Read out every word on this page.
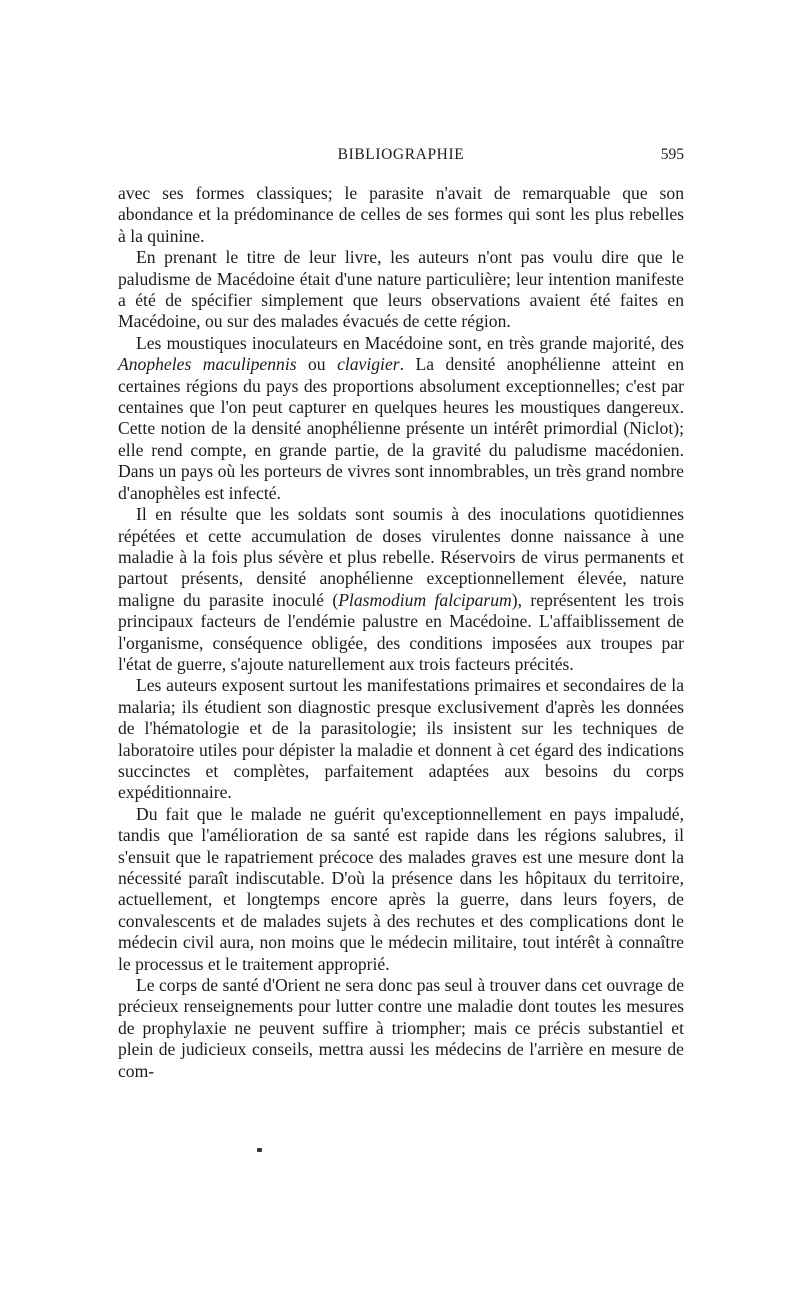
BIBLIOGRAPHIE	595

avec ses formes classiques; le parasite n'avait de remarquable que son abondance et la prédominance de celles de ses formes qui sont les plus rebelles à la quinine.

En prenant le titre de leur livre, les auteurs n'ont pas voulu dire que le paludisme de Macédoine était d'une nature particulière; leur intention manifeste a été de spécifier simplement que leurs observations avaient été faites en Macédoine, ou sur des malades évacués de cette région.

Les moustiques inoculateurs en Macédoine sont, en très grande majorité, des Anopheles maculipennis ou clavigier. La densité anophélienne atteint en certaines régions du pays des proportions absolument exceptionnelles; c'est par centaines que l'on peut capturer en quelques heures les moustiques dangereux. Cette notion de la densité anophélienne présente un intérêt primordial (Niclot); elle rend compte, en grande partie, de la gravité du paludisme macédonien. Dans un pays où les porteurs de vivres sont innombrables, un très grand nombre d'anophèles est infecté.

Il en résulte que les soldats sont soumis à des inoculations quotidiennes répétées et cette accumulation de doses virulentes donne naissance à une maladie à la fois plus sévère et plus rebelle. Réservoirs de virus permanents et partout présents, densité anophélienne exceptionnellement élevée, nature maligne du parasite inoculé (Plasmodium falciparum), représentent les trois principaux facteurs de l'endémie palustre en Macédoine. L'affaiblissement de l'organisme, conséquence obligée, des conditions imposées aux troupes par l'état de guerre, s'ajoute naturellement aux trois facteurs précités.

Les auteurs exposent surtout les manifestations primaires et secondaires de la malaria; ils étudient son diagnostic presque exclusivement d'après les données de l'hématologie et de la parasitologie; ils insistent sur les techniques de laboratoire utiles pour dépister la maladie et donnent à cet égard des indications succinctes et complètes, parfaitement adaptées aux besoins du corps expéditionnaire.

Du fait que le malade ne guérit qu'exceptionnellement en pays impaludé, tandis que l'amélioration de sa santé est rapide dans les régions salubres, il s'ensuit que le rapatriement précoce des malades graves est une mesure dont la nécessité paraît indiscutable. D'où la présence dans les hôpitaux du territoire, actuellement, et longtemps encore après la guerre, dans leurs foyers, de convalescents et de malades sujets à des rechutes et des complications dont le médecin civil aura, non moins que le médecin militaire, tout intérêt à connaître le processus et le traitement approprié.

Le corps de santé d'Orient ne sera donc pas seul à trouver dans cet ouvrage de précieux renseignements pour lutter contre une maladie dont toutes les mesures de prophylaxie ne peuvent suffire à triompher; mais ce précis substantiel et plein de judicieux conseils, mettra aussi les médecins de l'arrière en mesure de com-
